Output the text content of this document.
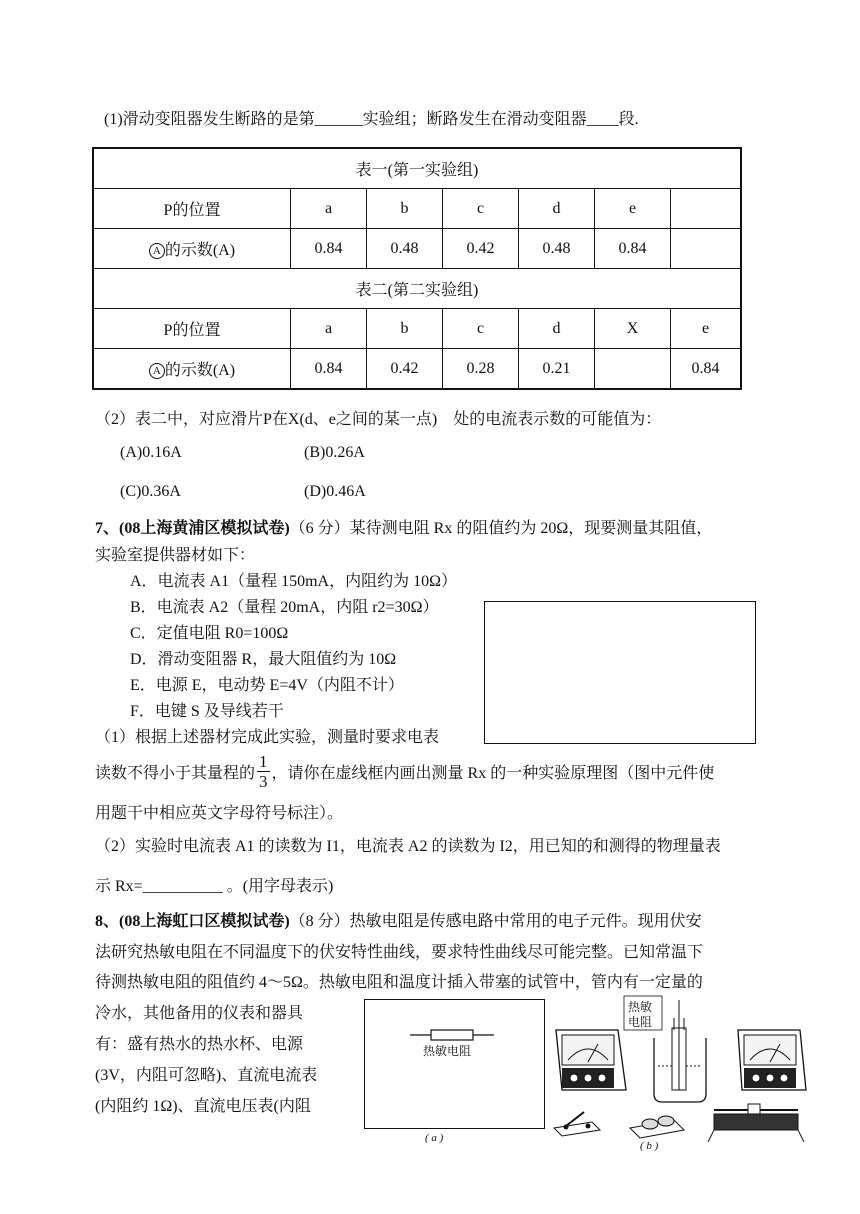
(1)滑动变阻器发生断路的是第______实验组；断路发生在滑动变阻器____段.
表一(第一实验组)						
P的位置	a	b	c	d	e	
A 的示数(A)	0.84	0.48	0.42	0.48	0.84	
表二(第二实验组)						
P的位置	a	b	c	d	X	e
A 的示数(A)	0.84	0.42	0.28	0.21		0.84
（2）表二中，对应滑片P在X(d、e之间的某一点)　处的电流表示数的可能值为：
(A)0.16A	(B)0.26A
(C)0.36A	(D)0.46A
7、(08上海黄浦区模拟试卷)（6 分）某待测电阻 Rx 的阻值约为 20Ω，现要测量其阻值，
实验室提供器材如下：
A．电流表 A1（量程 150mA，内阻约为 10Ω）
B．电流表 A2（量程 20mA，内阻 r2=30Ω）
C．定值电阻 R0=100Ω
D．滑动变阻器 R，最大阻值约为 10Ω
E．电源 E，电动势 E=4V（内阻不计）
F．电键 S 及导线若干
（1）根据上述器材完成此实验，测量时要求电表
读数不得小于其量程的 $\frac{1}{3}$ ，请你在虚线框内画出测量 Rx 的一种实验原理图（图中元件使
用题干中相应英文字母符号标注）。
（2）实验时电流表 A1 的读数为 I1，电流表 A2 的读数为 I2，用已知的和测得的物理量表
示 Rx=__________ 。(用字母表示)
8、(08上海虹口区模拟试卷)（8 分）热敏电阻是传感电路中常用的电子元件。现用伏安
法研究热敏电阻在不同温度下的伏安特性曲线，要求特性曲线尽可能完整。已知常温下
待测热敏电阻的阻值约 4～5Ω。热敏电阻和温度计插入带塞的试管中，管内有一定量的
冷水，其他备用的仪表和器具
有：盛有热水的热水杯、电源
(3V，内阻可忽略)、直流电流表
(内阻约 1Ω)、直流电压表(内阻
热敏电阻
( a )
热敏
电阻
( b )
